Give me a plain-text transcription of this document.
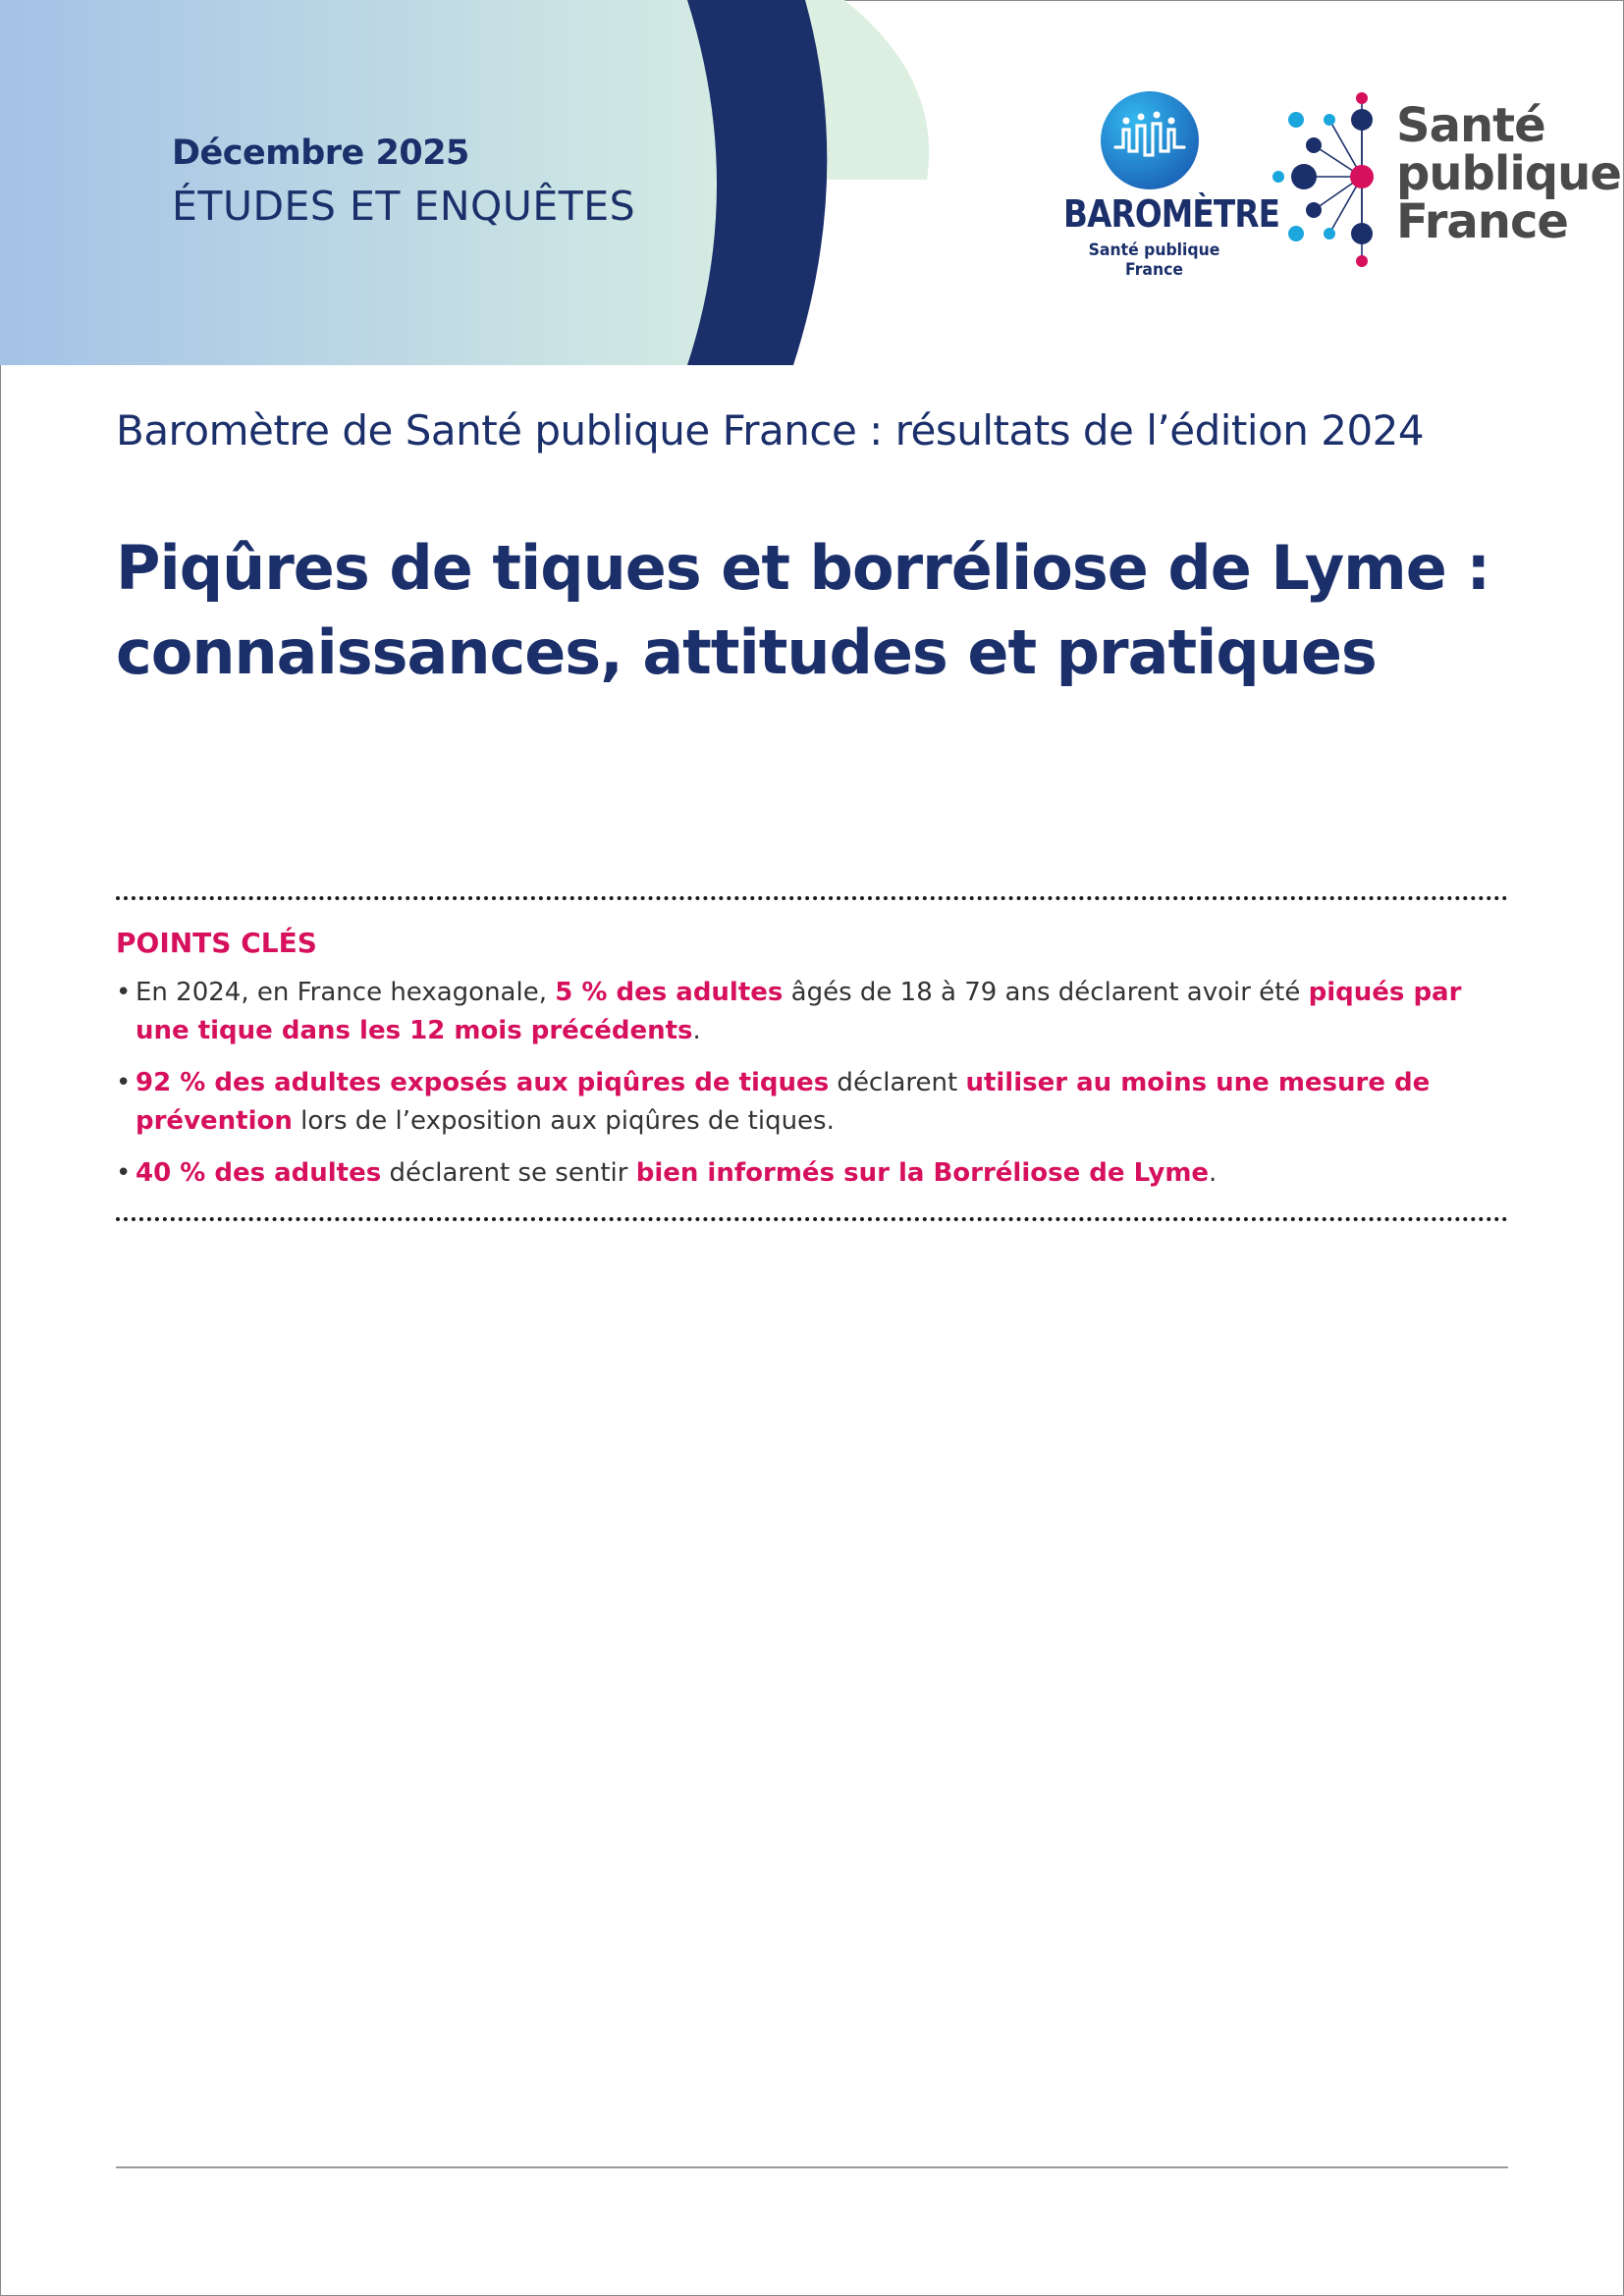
Décembre 2025

ÉTUDES ET ENQUÊTES	BAROMÈTRE
Santé publique France

Santé
publique
France

Baromètre de Santé publique France : résultats de l’édition 2024

Piqûres de tiques et borréliose de Lyme :
connaissances, attitudes et pratiques

POINTS CLÉS

• En 2024, en France hexagonale, 5 % des adultes âgés de 18 à 79 ans déclarent avoir été piqués par une tique dans les 12 mois précédents.
• 92 % des adultes exposés aux piqûres de tiques déclarent utiliser au moins une mesure de prévention lors de l’exposition aux piqûres de tiques.
• 40 % des adultes déclarent se sentir bien informés sur la Borréliose de Lyme.
